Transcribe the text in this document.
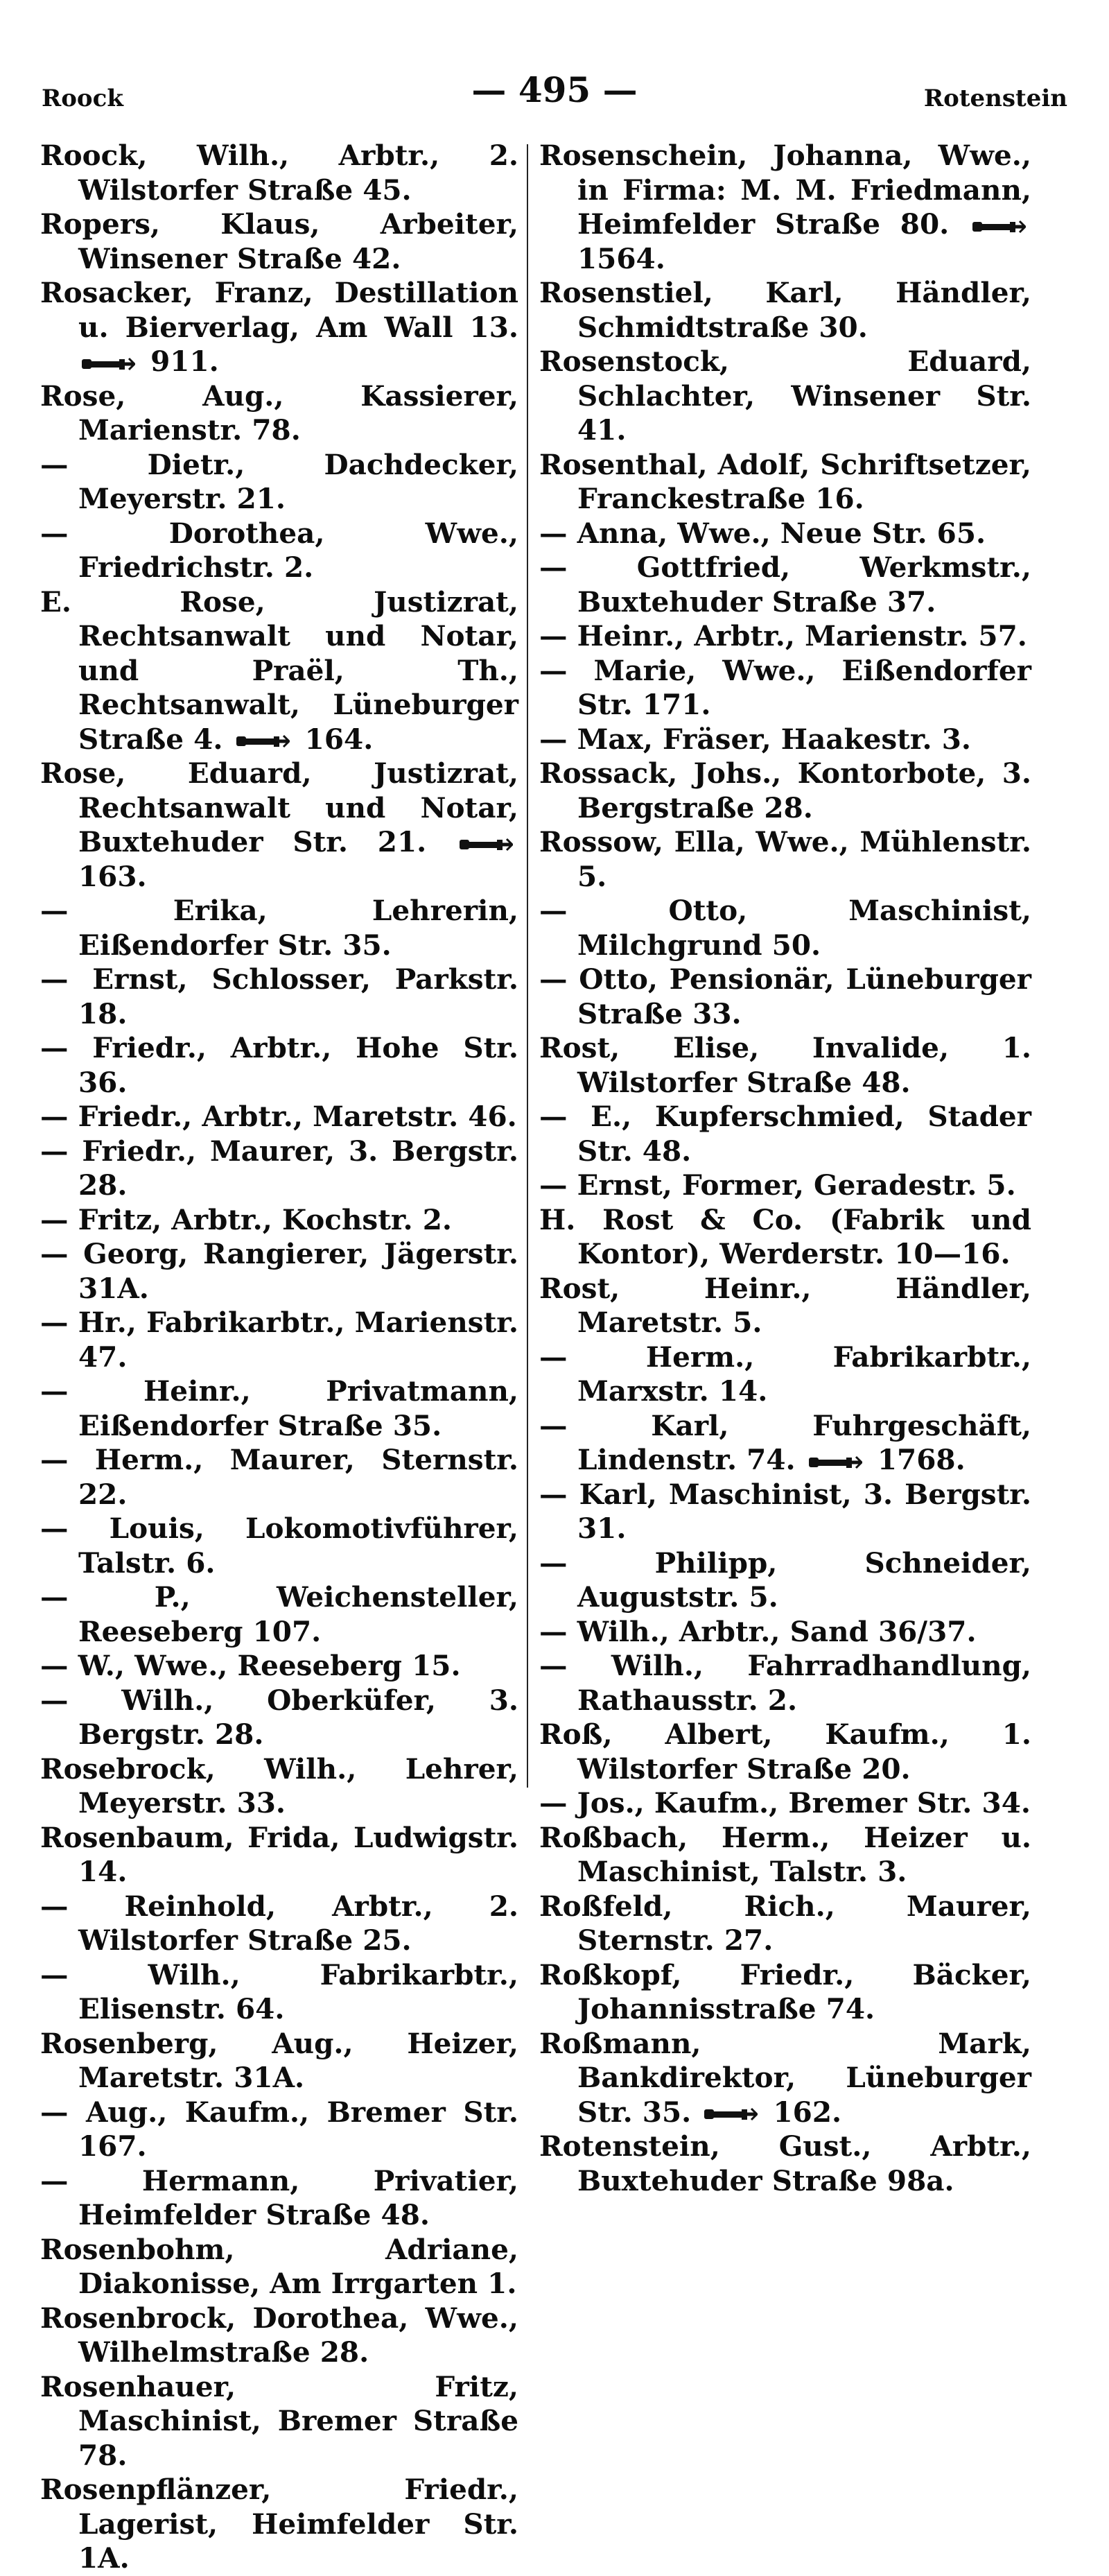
Roock	— 495 —	Rotenstein
Roock, Wilh., Arbtr., 2. Wilstorfer Straße 45.
Ropers, Klaus, Arbeiter, Winsener Straße 42.
Rosacker, Franz, Destillation u. Bierverlag, Am Wall 13.
911.
Rose, Aug., Kassierer, Marienstr. 78.
— Dietr., Dachdecker, Meyerstr. 21.
— Dorothea, Wwe., Friedrichstr. 2.
E. Rose, Justizrat, Rechtsanwalt und Notar, und Praël, Th., Rechtsanwalt, Lüneburger Straße 4.	164.
Rose, Eduard, Justizrat, Rechtsanwalt und Notar, Buxtehuder Str. 21.
163.
— Erika, Lehrerin, Eißendorfer Str. 35.
— Ernst, Schlosser, Parkstr. 18.
— Friedr., Arbtr., Hohe Str. 36.
— Friedr., Arbtr., Maretstr. 46.
— Friedr., Maurer, 3. Bergstr. 28.
— Fritz, Arbtr., Kochstr. 2.
— Georg, Rangierer, Jägerstr. 31A.
— Hr., Fabrikarbtr., Marienstr. 47.
— Heinr., Privatmann, Eißendorfer Straße 35.
— Herm., Maurer, Sternstr. 22.
— Louis, Lokomotivführer, Talstr. 6.
— P., Weichensteller, Reeseberg 107.
— W., Wwe., Reeseberg 15.
— Wilh., Oberküfer, 3. Bergstr. 28.
Rosebrock, Wilh., Lehrer, Meyerstr. 33.
Rosenbaum, Frida, Ludwigstr. 14.
— Reinhold, Arbtr., 2. Wilstorfer Straße 25.
— Wilh., Fabrikarbtr., Elisenstr. 64.
Rosenberg, Aug., Heizer, Maretstr. 31A.
— Aug., Kaufm., Bremer Str. 167.
— Hermann, Privatier, Heimfelder Straße 48.
Rosenbohm, Adriane, Diakonisse, Am Irrgarten 1.
Rosenbrock, Dorothea, Wwe., Wilhelmstraße 28.
Rosenhauer, Fritz, Maschinist, Bremer Straße 78.
Rosenpflänzer, Friedr., Lagerist, Heimfelder Str. 1A.
Rosenschein, Johanna, Wwe., in Firma: M. M. Friedmann, Heimfelder Straße 80.
1564.
Rosenstiel, Karl, Händler, Schmidtstraße 30.
Rosenstock, Eduard, Schlachter, Winsener Str. 41.
Rosenthal, Adolf, Schriftsetzer, Franckestraße 16.
— Anna, Wwe., Neue Str. 65.
— Gottfried, Werkmstr., Buxtehuder Straße 37.
— Heinr., Arbtr., Marienstr. 57.
— Marie, Wwe., Eißendorfer Str. 171.
— Max, Fräser, Haakestr. 3.
Rossack, Johs., Kontorbote, 3. Bergstraße 28.
Rossow, Ella, Wwe., Mühlenstr. 5.
— Otto, Maschinist, Milchgrund 50.
— Otto, Pensionär, Lüneburger Straße 33.
Rost, Elise, Invalide, 1. Wilstorfer Straße 48.
— E., Kupferschmied, Stader Str. 48.
— Ernst, Former, Geradestr. 5.
H. Rost & Co. (Fabrik und Kontor), Werderstr. 10—16.
Rost, Heinr., Händler, Maretstr. 5.
— Herm., Fabrikarbtr., Marxstr. 14.
— Karl, Fuhrgeschäft, Lindenstr. 74.	1768.
— Karl, Maschinist, 3. Bergstr. 31.
— Philipp, Schneider, Auguststr. 5.
— Wilh., Arbtr., Sand 36/37.
— Wilh., Fahrradhandlung, Rathausstr. 2.
Roß, Albert, Kaufm., 1. Wilstorfer Straße 20.
— Jos., Kaufm., Bremer Str. 34.
Roßbach, Herm., Heizer u. Maschinist, Talstr. 3.
Roßfeld, Rich., Maurer, Sternstr. 27.
Roßkopf, Friedr., Bäcker, Johannisstraße 74.
Roßmann, Mark, Bankdirektor, Lüneburger Str. 35.	162.
Rotenstein, Gust., Arbtr., Buxtehuder Straße 98a.
